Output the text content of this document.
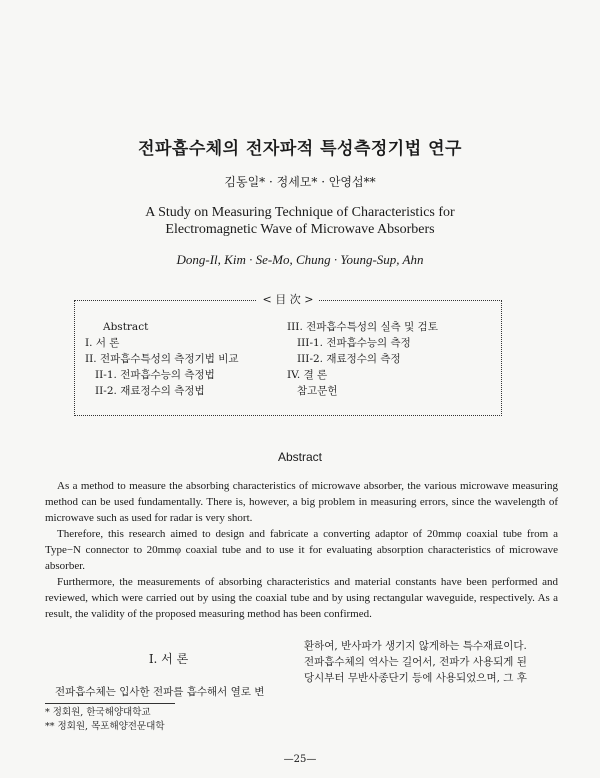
전파흡수체의 전자파적 특성측정기법 연구
김동일* · 정세모* · 안영섭**
A Study on Measuring Technique of Characteristics for
Electromagnetic Wave of Microwave Absorbers
Dong-Il, Kim · Se-Mo, Chung · Young-Sup, Ahn
< 目 次 >
Abstract
I. 서 론
II. 전파흡수특성의 측정기법 비교
II-1. 전파흡수능의 측정법
II-2. 재료정수의 측정법
III. 전파흡수특성의 실측 및 검토
III-1. 전파흡수능의 측정
III-2. 재료정수의 측정
IV. 결 론
참고문헌
Abstract

As a method to measure the absorbing characteristics of microwave absorber, the various microwave measuring method can be used fundamentally. There is, however, a big problem in measuring errors, since the wavelength of microwave such as used for radar is very short.

Therefore, this research aimed to design and fabricate a converting adaptor of 20mmφ coaxial tube from a Type−N connector to 20mmφ coaxial tube and to use it for evaluating absorption characteristics of microwave absorber.

Furthermore, the measurements of absorbing characteristics and material constants have been performed and reviewed, which were carried out by using the coaxial tube and by using rectangular waveguide, respectively. As a result, the validity of the proposed measuring method has been confirmed.

I. 서 론
전파흡수체는 입사한 전파를 흡수해서 열로 변
환하여, 반사파가 생기지 않게하는 특수재료이다.
전파흡수체의 역사는 길어서, 전파가 사용되게 된
당시부터 무반사종단기 등에 사용되었으며, 그 후
* 정회원, 한국해양대학교
** 정회원, 목포해양전문대학
—25—
